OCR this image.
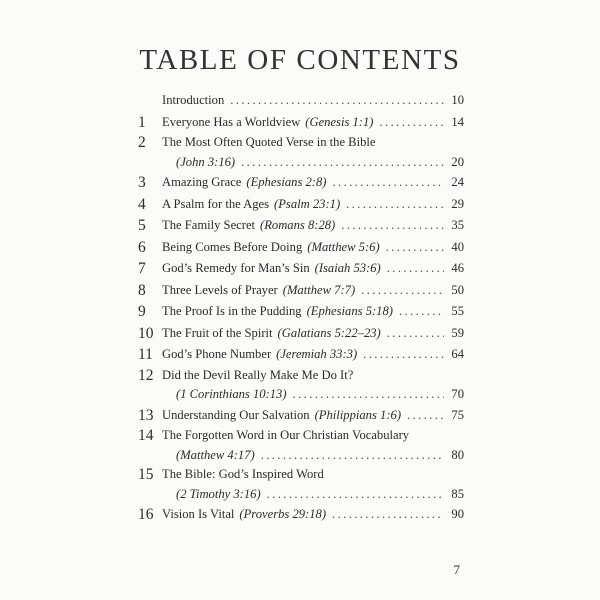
TABLE OF CONTENTS
Introduction .....	10
1	Everyone Has a Worldview (Genesis 1:1) .....	14
2	The Most Often Quoted Verse in the Bible
(John 3:16) .....	20
3	Amazing Grace (Ephesians 2:8) .....	24
4	A Psalm for the Ages (Psalm 23:1) .....	29
5	The Family Secret (Romans 8:28) .....	35
6	Being Comes Before Doing (Matthew 5:6) .....	40
7	God’s Remedy for Man’s Sin (Isaiah 53:6) .....	46
8	Three Levels of Prayer (Matthew 7:7) .....	50
9	The Proof Is in the Pudding (Ephesians 5:18) .....	55
10 The Fruit of the Spirit (Galatians 5:22–23) .....	59
11 God’s Phone Number (Jeremiah 33:3) .....	64
12 Did the Devil Really Make Me Do It?
(1 Corinthians 10:13) .....	70
13 Understanding Our Salvation (Philippians 1:6) .....	75
14 The Forgotten Word in Our Christian Vocabulary
(Matthew 4:17) .....	80
15 The Bible: God’s Inspired Word
(2 Timothy 3:16) .....	85
16 Vision Is Vital (Proverbs 29:18) .....	90
7
